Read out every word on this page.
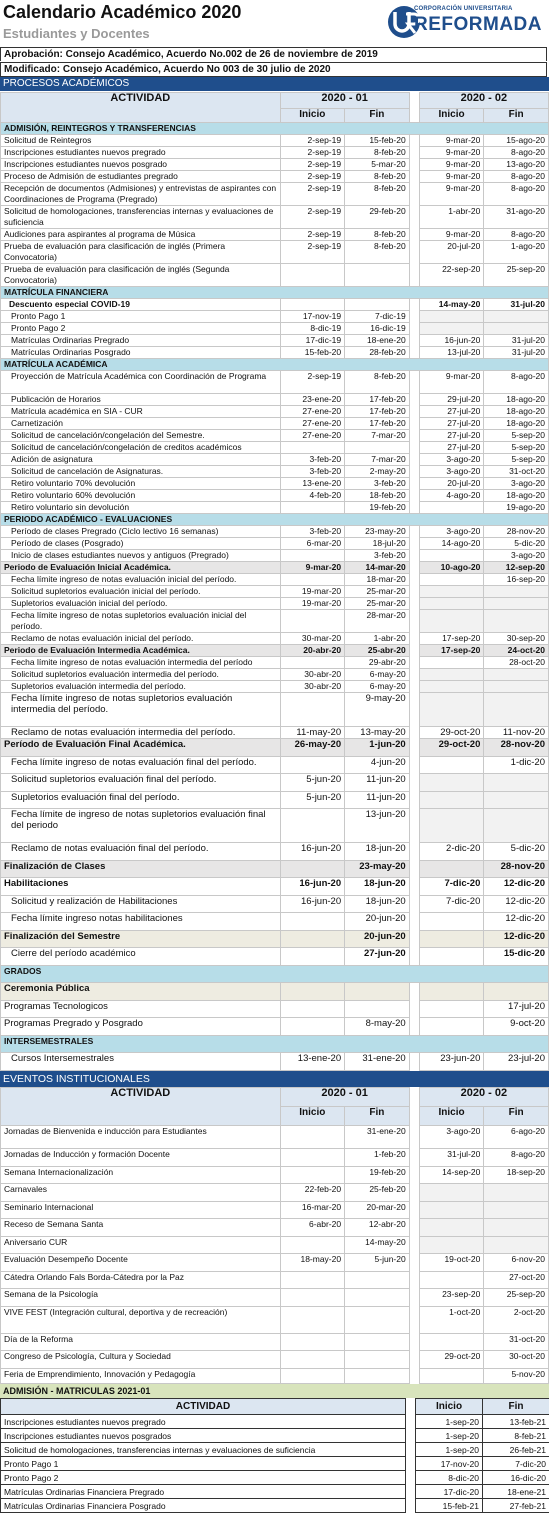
Calendario Académico 2020
Estudiantes y Docentes
CORPORACIÓN UNIVERSITARIA
REFORMADA
Aprobación: Consejo Académico, Acuerdo No.002 de 26 de noviembre de 2019
Modificado: Consejo Académico, Acuerdo No 003 de 30 julio de 2020
PROCESOS ACADÉMICOS
ACTIVIDAD	2020 - 01			2020 - 02	
	Inicio	Fin		Inicio	Fin
ADMISIÓN, REINTEGROS Y TRANSFERENCIAS					
Solicitud de Reintegros	2-sep-19	15-feb-20		9-mar-20	15-ago-20
Inscripciones estudiantes nuevos pregrado	2-sep-19	8-feb-20		9-mar-20	8-ago-20
Inscripciones estudiantes nuevos posgrado	2-sep-19	5-mar-20		9-mar-20	13-ago-20
Proceso de Admisión de estudiantes pregrado	2-sep-19	8-feb-20		9-mar-20	8-ago-20
Recepción de documentos (Admisiones) y entrevistas de aspirantes con Coordinaciones de Programa (Pregrado)	2-sep-19	8-feb-20		9-mar-20	8-ago-20
Solicitud de homologaciones, transferencias internas y evaluaciones de suficiencia	2-sep-19	29-feb-20		1-abr-20	31-ago-20
Audiciones para aspirantes al programa de Música	2-sep-19	8-feb-20		9-mar-20	8-ago-20
Prueba de evaluación para clasificación de inglés (Primera Convocatoria)	2-sep-19	8-feb-20		20-jul-20	1-ago-20
Prueba de evaluación para clasificación de inglés (Segunda Convocatoria)				22-sep-20	25-sep-20
MATRÍCULA FINANCIERA					
Descuento especial COVID-19				14-may-20	31-jul-20
Pronto Pago 1	17-nov-19	7-dic-19			
Pronto Pago 2	8-dic-19	16-dic-19			
Matrículas Ordinarias Pregrado	17-dic-19	18-ene-20		16-jun-20	31-jul-20
Matrículas Ordinarias Posgrado	15-feb-20	28-feb-20		13-jul-20	31-jul-20
MATRÍCULA ACADÉMICA					
Proyección de Matrícula Académica con Coordinación de Programa	2-sep-19	8-feb-20		9-mar-20	8-ago-20
Publicación de Horarios	23-ene-20	17-feb-20		29-jul-20	18-ago-20
Matrícula académica en SIA - CUR	27-ene-20	17-feb-20		27-jul-20	18-ago-20
Carnetización	27-ene-20	17-feb-20		27-jul-20	18-ago-20
Solicitud de cancelación/congelación del Semestre.	27-ene-20	7-mar-20		27-jul-20	5-sep-20
Solicitud de cancelación/congelación de creditos académicos				27-jul-20	5-sep-20
Adición de asignatura	3-feb-20	7-mar-20		3-ago-20	5-sep-20
Solicitud de cancelación de Asignaturas.	3-feb-20	2-may-20		3-ago-20	31-oct-20
Retiro voluntario 70% devolución	13-ene-20	3-feb-20		20-jul-20	3-ago-20
Retiro voluntario 60% devolución	4-feb-20	18-feb-20		4-ago-20	18-ago-20
Retiro voluntario sin devolución		19-feb-20			19-ago-20
PERIODO ACADÉMICO - EVALUACIONES					
Período de clases Pregrado (Ciclo lectivo 16 semanas)	3-feb-20	23-may-20		3-ago-20	28-nov-20
Período de clases (Posgrado)	6-mar-20	18-jul-20		14-ago-20	5-dic-20
Inicio de clases estudiantes nuevos y antiguos (Pregrado)		3-feb-20			3-ago-20
Periodo de Evaluación Inicial Académica.	9-mar-20	14-mar-20		10-ago-20	12-sep-20
Fecha límite ingreso de notas evaluación inicial del período.		18-mar-20			16-sep-20
Solicitud supletorios evaluación inicial del período.	19-mar-20	25-mar-20			
Supletorios evaluación inicial del período.	19-mar-20	25-mar-20			
Fecha límite ingreso de notas supletorios evaluación inicial del período.		28-mar-20			
Reclamo de notas evaluación inicial del período.	30-mar-20	1-abr-20		17-sep-20	30-sep-20
Periodo de Evaluación Intermedia Académica.	20-abr-20	25-abr-20		17-sep-20	24-oct-20
Fecha límite ingreso de notas evaluación intermedia del período		29-abr-20			28-oct-20
Solicitud supletorios evaluación intermedia del período.	30-abr-20	6-may-20			
Supletorios evaluación intermedia del período.	30-abr-20	6-may-20			
Fecha límite ingreso de notas supletorios evaluación intermedia del período.		9-may-20			
Reclamo de notas evaluación intermedia del período.	11-may-20	13-may-20		29-oct-20	11-nov-20
Período de Evaluación Final Académica.	26-may-20	1-jun-20		29-oct-20	28-nov-20
Fecha límite ingreso de notas evaluación final del período.		4-jun-20			1-dic-20
Solicitud supletorios evaluación final del período.	5-jun-20	11-jun-20			
Supletorios evaluación final del período.	5-jun-20	11-jun-20			
Fecha límite de ingreso de notas supletorios evaluación final del periodo		13-jun-20			
Reclamo de notas evaluación final del período.	16-jun-20	18-jun-20		2-dic-20	5-dic-20
Finalización de Clases		23-may-20			28-nov-20
Habilitaciones	16-jun-20	18-jun-20		7-dic-20	12-dic-20
Solicitud y realización de Habilitaciones	16-jun-20	18-jun-20		7-dic-20	12-dic-20
Fecha límite ingreso notas habilitaciones		20-jun-20			12-dic-20
Finalización del Semestre		20-jun-20			12-dic-20
Cierre del período académico		27-jun-20			15-dic-20
GRADOS					
Ceremonia Pública					
Programas Tecnologicos					17-jul-20
Programas Pregrado y Posgrado		8-may-20			9-oct-20
INTERSEMESTRALES					
Cursos Intersemestrales	13-ene-20	31-ene-20		23-jun-20	23-jul-20
EVENTOS INSTITUCIONALES
ACTIVIDAD	2020 - 01			2020 - 02	
	Inicio	Fin		Inicio	Fin
Jornadas de Bienvenida e inducción para Estudiantes		31-ene-20		3-ago-20	6-ago-20
Jornadas de Inducción y formación Docente		1-feb-20		31-jul-20	8-ago-20
Semana Internacionalización		19-feb-20		14-sep-20	18-sep-20
Carnavales	22-feb-20	25-feb-20			
Seminario Internacional	16-mar-20	20-mar-20			
Receso de Semana Santa	6-abr-20	12-abr-20			
Aniversario CUR		14-may-20			
Evaluación Desempeño Docente	18-may-20	5-jun-20		19-oct-20	6-nov-20
Cátedra Orlando Fals Borda-Cátedra por la Paz					27-oct-20
Semana de la Psicología				23-sep-20	25-sep-20
VIVE FEST (Integración cultural, deportiva y de recreación)				1-oct-20	2-oct-20
Día de la Reforma					31-oct-20
Congreso de Psicología, Cultura y Sociedad				29-oct-20	30-oct-20
Feria de Emprendimiento, Innovación y Pedagogía					5-nov-20
ADMISIÓN - MATRICULAS 2021-01
ACTIVIDAD		Inicio	Fin
Inscripciones estudiantes nuevos pregrado		1-sep-20	13-feb-21
Inscripciones estudiantes nuevos posgrados		1-sep-20	8-feb-21
Solicitud de homologaciones, transferencias internas y evaluaciones de suficiencia		1-sep-20	26-feb-21
Pronto Pago 1		17-nov-20	7-dic-20
Pronto Pago 2		8-dic-20	16-dic-20
Matrículas Ordinarias Financiera Pregrado		17-dic-20	18-ene-21
Matrículas Ordinarias Financiera Posgrado		15-feb-21	27-feb-21
